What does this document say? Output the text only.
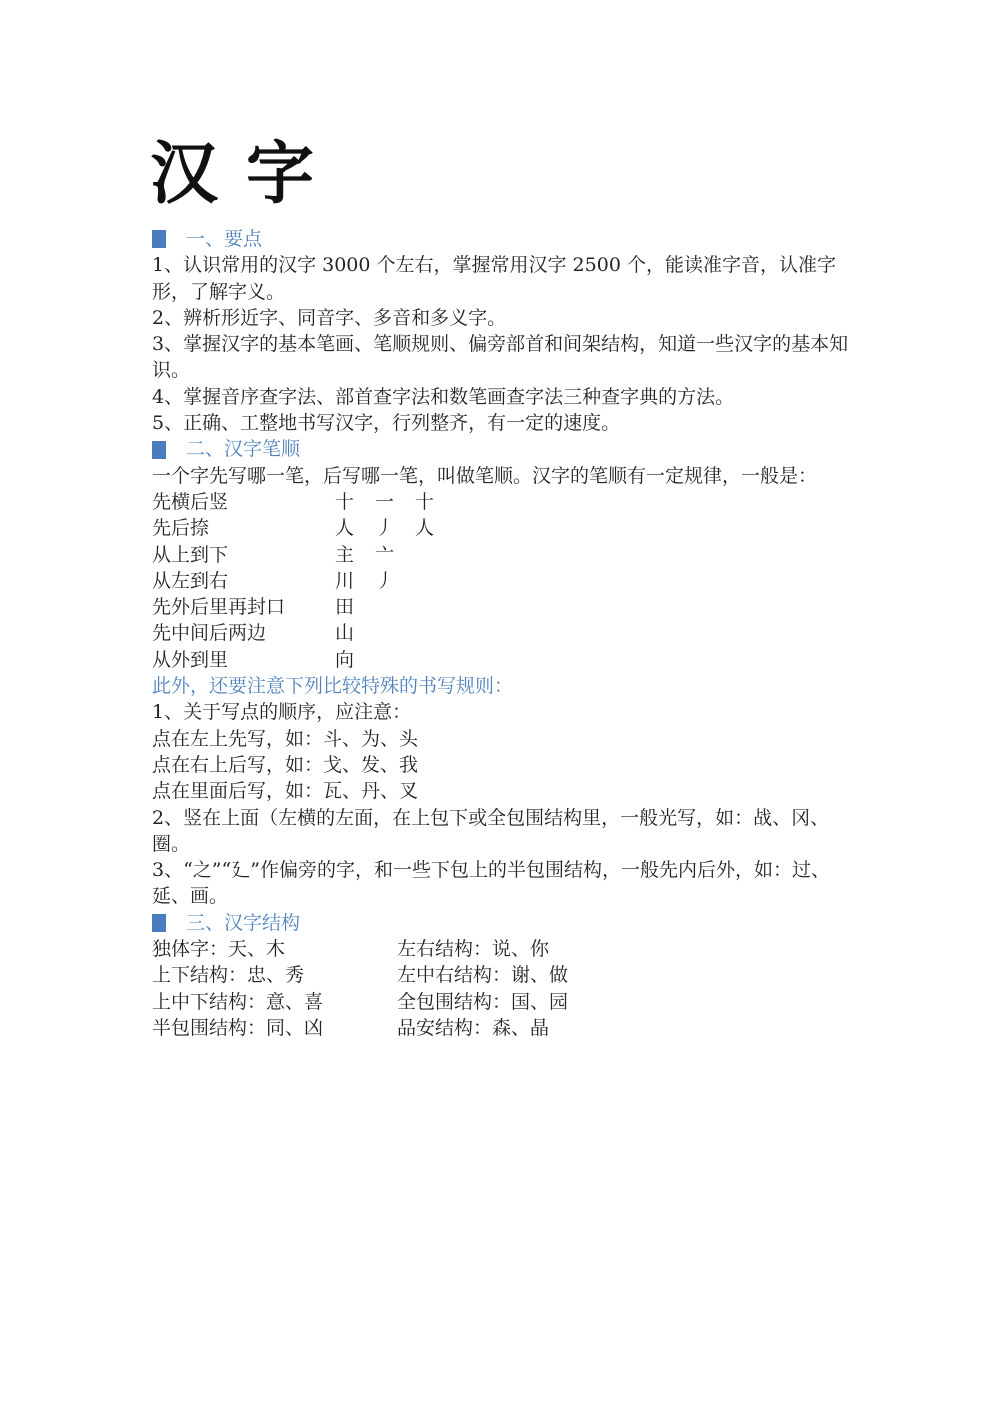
汉字
一、要点

1、认识常用的汉字 3000 个左右，掌握常用汉字 2500 个，能读准字音，认准字形，了解字义。

2、辨析形近字、同音字、多音和多义字。

3、掌握汉字的基本笔画、笔顺规则、偏旁部首和间架结构，知道一些汉字的基本知识。

4、掌握音序查字法、部首查字法和数笔画查字法三种查字典的方法。

5、正确、工整地书写汉字，行列整齐，有一定的速度。

二、汉字笔顺

一个字先写哪一笔，后写哪一笔，叫做笔顺。汉字的笔顺有一定规律，一般是：

先横后竖	十	一	十
先后捺	人	丿	人
从上到下	主	亠
从左到右	川	丿
先外后里再封口	田
先中间后两边	山
从外到里	向

此外，还要注意下列比较特殊的书写规则：

1、关于写点的顺序，应注意：

点在左上先写，如：斗、为、头

点在右上后写，如：戈、发、我

点在里面后写，如：瓦、丹、叉

2、竖在上面（左横的左面，在上包下或全包围结构里，一般光写，如：战、冈、圈。

3、“之”“廴”作偏旁的字，和一些下包上的半包围结构，一般先内后外，如：过、延、画。

三、汉字结构
独体字：天、木	左右结构：说、你
上下结构：忠、秀	左中右结构：谢、做
上中下结构：意、喜	全包围结构：国、园
半包围结构：同、凶	品安结构：森、晶
